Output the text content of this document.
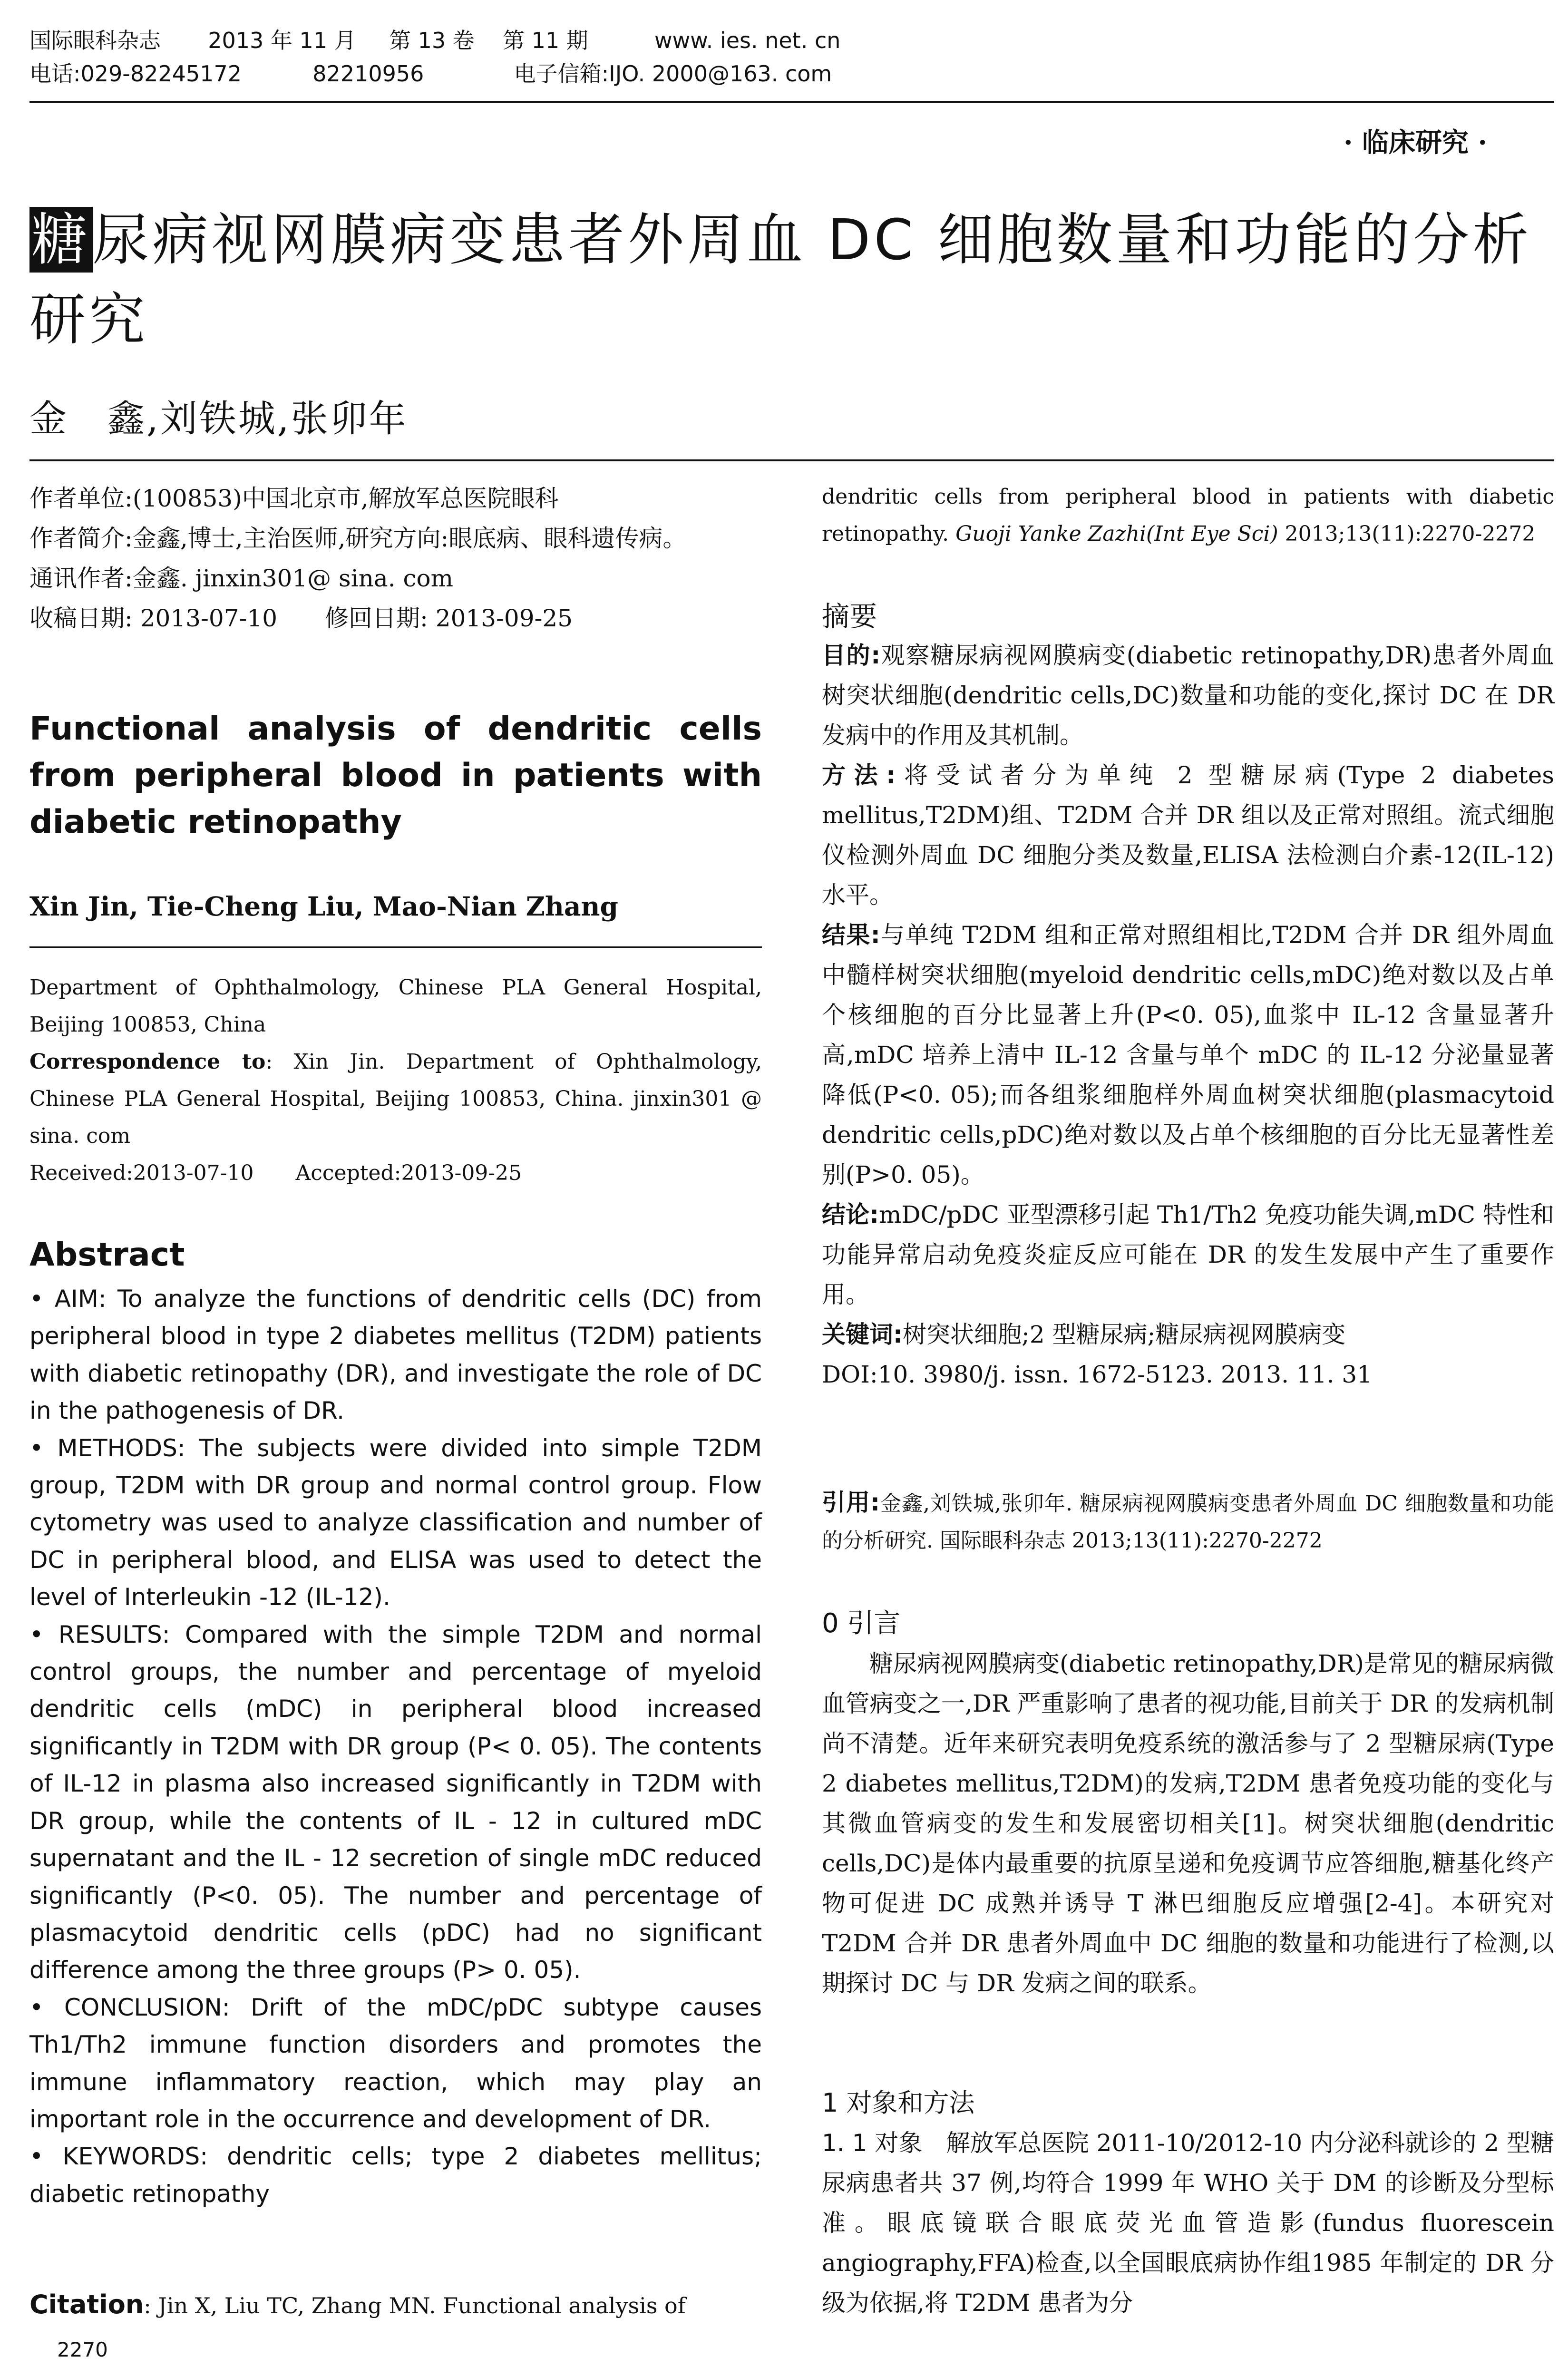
国际眼科杂志 2013 年 11 月 第 13 卷 第 11 期	www. ies. net. cn
电话:029-82245172	82210956	电子信箱:IJO. 2000@163. com
· 临床研究 ·
糖尿病视网膜病变患者外周血 DC 细胞数量和功能的分析研究
金　鑫,刘铁城,张卯年

作者单位:(100853)中国北京市,解放军总医院眼科

作者简介:金鑫,博士,主治医师,研究方向:眼底病、眼科遗传病。

通讯作者:金鑫. jinxin301@ sina. com

收稿日期: 2013-07-10　　修回日期: 2013-09-25

Functional analysis of dendritic cells from peripheral blood in patients with diabetic retinopathy
Xin Jin, Tie-Cheng Liu, Mao-Nian Zhang

Department of Ophthalmology, Chinese PLA General Hospital, Beijing 100853, China

Correspondence to: Xin Jin. Department of Ophthalmology, Chinese PLA General Hospital, Beijing 100853, China. jinxin301 @ sina. com

Received:2013-07-10　　Accepted:2013-09-25

Abstract

• AIM: To analyze the functions of dendritic cells (DC) from peripheral blood in type 2 diabetes mellitus (T2DM) patients with diabetic retinopathy (DR), and investigate the role of DC in the pathogenesis of DR.

• METHODS: The subjects were divided into simple T2DM group, T2DM with DR group and normal control group. Flow cytometry was used to analyze classification and number of DC in peripheral blood, and ELISA was used to detect the level of Interleukin -12 (IL-12).

• RESULTS: Compared with the simple T2DM and normal control groups, the number and percentage of myeloid dendritic cells (mDC) in peripheral blood increased significantly in T2DM with DR group (P< 0. 05). The contents of IL-12 in plasma also increased significantly in T2DM with DR group, while the contents of IL - 12 in cultured mDC supernatant and the IL - 12 secretion of single mDC reduced significantly (P<0. 05). The number and percentage of plasmacytoid dendritic cells (pDC) had no significant difference among the three groups (P> 0. 05).

• CONCLUSION: Drift of the mDC/pDC subtype causes Th1/Th2 immune function disorders and promotes the immune inflammatory reaction, which may play an important role in the occurrence and development of DR.

• KEYWORDS: dendritic cells; type 2 diabetes mellitus; diabetic retinopathy

Citation: Jin X, Liu TC, Zhang MN. Functional analysis of
2270
dendritic cells from peripheral blood in patients with diabetic retinopathy. Guoji Yanke Zazhi(Int Eye Sci) 2013;13(11):2270-2272
摘要

目的:观察糖尿病视网膜病变(diabetic retinopathy,DR)患者外周血树突状细胞(dendritic cells,DC)数量和功能的变化,探讨 DC 在 DR 发病中的作用及其机制。

方法:将受试者分为单纯 2 型糖尿病(Type 2 diabetes mellitus,T2DM)组、T2DM 合并 DR 组以及正常对照组。流式细胞仪检测外周血 DC 细胞分类及数量,ELISA 法检测白介素-12(IL-12)水平。

结果:与单纯 T2DM 组和正常对照组相比,T2DM 合并 DR 组外周血中髓样树突状细胞(myeloid dendritic cells,mDC)绝对数以及占单个核细胞的百分比显著上升(P<0. 05),血浆中 IL-12 含量显著升高,mDC 培养上清中 IL-12 含量与单个 mDC 的 IL-12 分泌量显著降低(P<0. 05);而各组浆细胞样外周血树突状细胞(plasmacytoid dendritic cells,pDC)绝对数以及占单个核细胞的百分比无显著性差别(P>0. 05)。

结论:mDC/pDC 亚型漂移引起 Th1/Th2 免疫功能失调,mDC 特性和功能异常启动免疫炎症反应可能在 DR 的发生发展中产生了重要作用。

关键词:树突状细胞;2 型糖尿病;糖尿病视网膜病变

DOI:10. 3980/j. issn. 1672-5123. 2013. 11. 31

引用:金鑫,刘铁城,张卯年. 糖尿病视网膜病变患者外周血 DC 细胞数量和功能的分析研究. 国际眼科杂志 2013;13(11):2270-2272
0 引言
糖尿病视网膜病变(diabetic retinopathy,DR)是常见的糖尿病微血管病变之一,DR 严重影响了患者的视功能,目前关于 DR 的发病机制尚不清楚。近年来研究表明免疫系统的激活参与了 2 型糖尿病(Type 2 diabetes mellitus,T2DM)的发病,T2DM 患者免疫功能的变化与其微血管病变的发生和发展密切相关[1]。树突状细胞(dendritic cells,DC)是体内最重要的抗原呈递和免疫调节应答细胞,糖基化终产物可促进 DC 成熟并诱导 T 淋巴细胞反应增强[2-4]。本研究对 T2DM 合并 DR 患者外周血中 DC 细胞的数量和功能进行了检测,以期探讨 DC 与 DR 发病之间的联系。
1 对象和方法
1. 1 对象　解放军总医院 2011-10/2012-10 内分泌科就诊的 2 型糖尿病患者共 37 例,均符合 1999 年 WHO 关于 DM 的诊断及分型标准。眼底镜联合眼底荧光血管造影(fundus fluorescein angiography,FFA)检查,以全国眼底病协作组1985 年制定的 DR 分级为依据,将 T2DM 患者为分
